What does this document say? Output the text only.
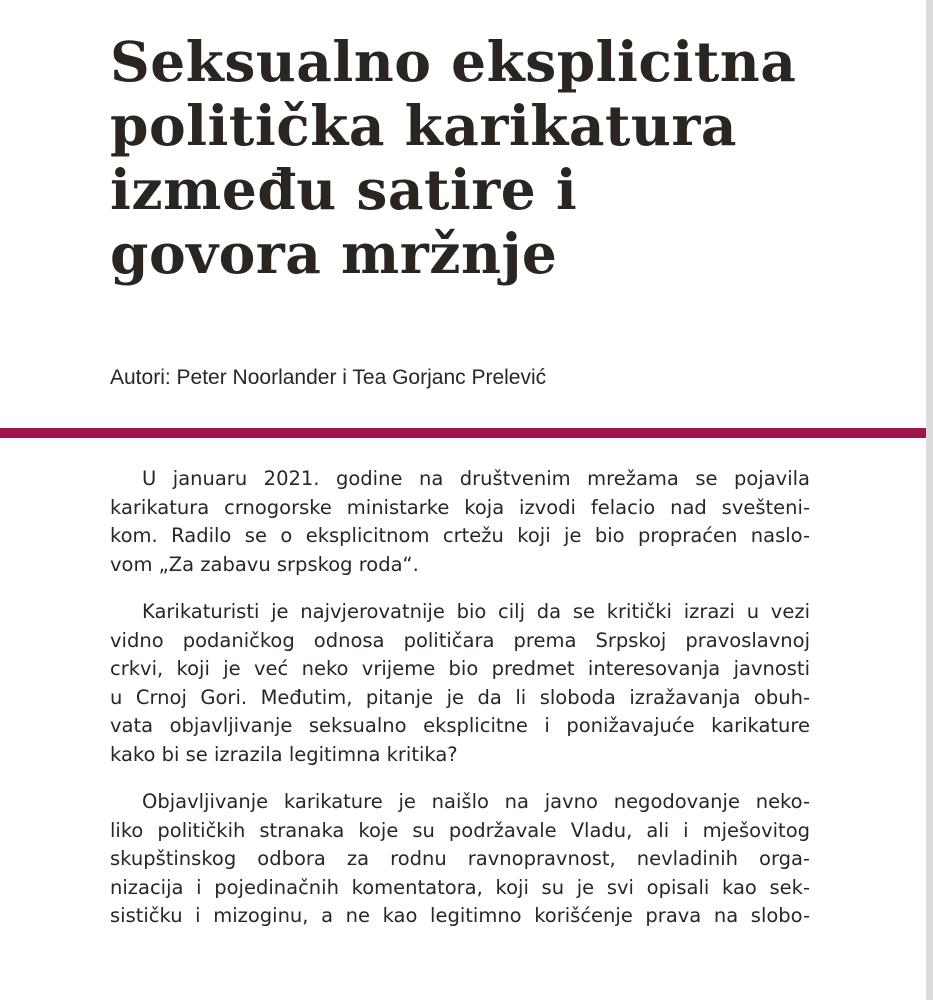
Seksualno eksplicitna
politička karikatura
između satire i
govora mržnje
Autori: Peter Noorlander i Tea Gorjanc Prelević

U januaru 2021. godine na društvenim mrežama se pojavila
karikatura crnogorske ministarke koja izvodi felacio nad svešteni-
kom. Radilo se o eksplicitnom crtežu koji je bio propraćen naslo-
vom „Za zabavu srpskog roda“.

Karikaturisti je najvjerovatnije bio cilj da se kritički izrazi u vezi
vidno podaničkog odnosa političara prema Srpskoj pravoslavnoj
crkvi, koji je već neko vrijeme bio predmet interesovanja javnosti
u Crnoj Gori. Međutim, pitanje je da li sloboda izražavanja obuh-
vata objavljivanje seksualno eksplicitne i ponižavajuće karikature
kako bi se izrazila legitimna kritika?

Objavljivanje karikature je naišlo na javno negodovanje neko-
liko političkih stranaka koje su podržavale Vladu, ali i mješovitog
skupštinskog odbora za rodnu ravnopravnost, nevladinih orga-
nizacija i pojedinačnih komentatora, koji su je svi opisali kao sek-
sističku i mizoginu, a ne kao legitimno korišćenje prava na slobo-
